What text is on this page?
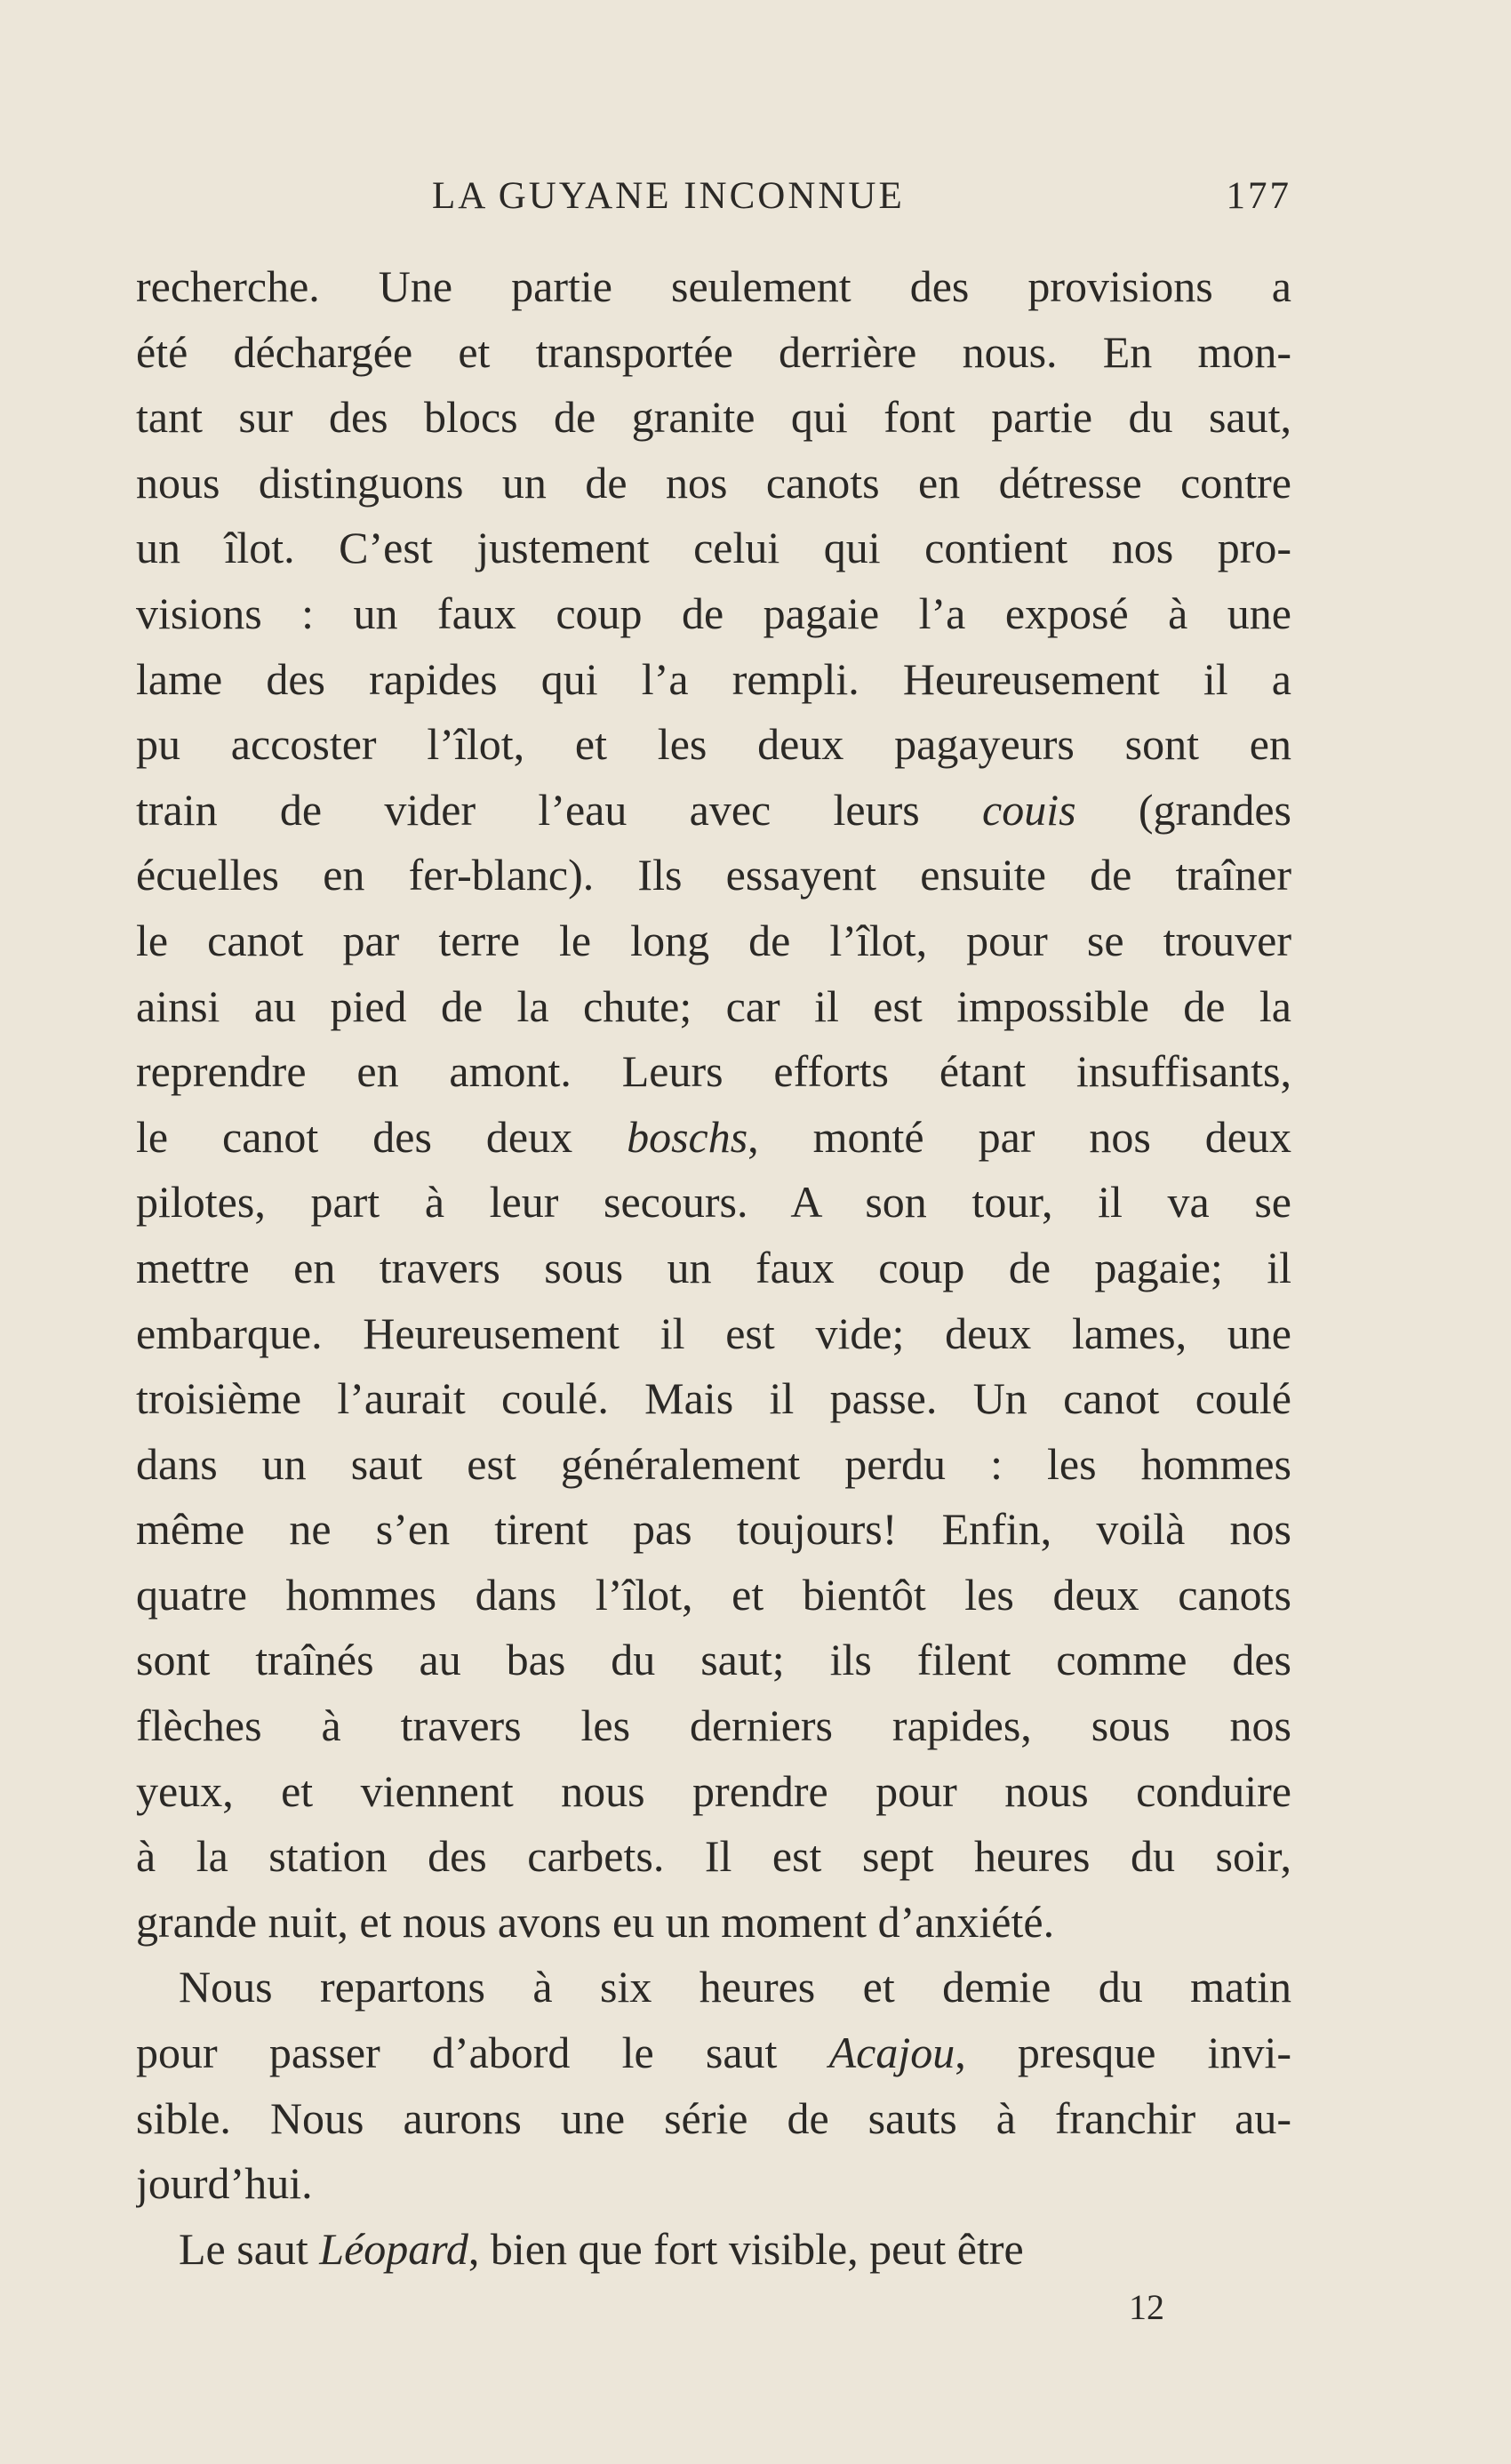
LA GUYANE INCONNUE	177
recherche. Une partie seulement des provisions a
été déchargée et transportée derrière nous. En mon-
tant sur des blocs de granite qui font partie du saut,
nous distinguons un de nos canots en détresse contre
un îlot. C’est justement celui qui contient nos pro-
visions : un faux coup de pagaie l’a exposé à une
lame des rapides qui l’a rempli. Heureusement il a
pu accoster l’îlot, et les deux pagayeurs sont en
train de vider l’eau avec leurs couis (grandes
écuelles en fer-blanc). Ils essayent ensuite de traîner
le canot par terre le long de l’îlot, pour se trouver
ainsi au pied de la chute; car il est impossible de la
reprendre en amont. Leurs efforts étant insuffisants,
le canot des deux boschs, monté par nos deux
pilotes, part à leur secours. A son tour, il va se
mettre en travers sous un faux coup de pagaie; il
embarque. Heureusement il est vide; deux lames, une
troisième l’aurait coulé. Mais il passe. Un canot coulé
dans un saut est généralement perdu : les hommes
même ne s’en tirent pas toujours! Enfin, voilà nos
quatre hommes dans l’îlot, et bientôt les deux canots
sont traînés au bas du saut; ils filent comme des
flèches à travers les derniers rapides, sous nos
yeux, et viennent nous prendre pour nous conduire
à la station des carbets. Il est sept heures du soir,
grande nuit, et nous avons eu un moment d’anxiété.
Nous repartons à six heures et demie du matin
pour passer d’abord le saut Acajou, presque invi-
sible. Nous aurons une série de sauts à franchir au-
jourd’hui.
Le saut Léopard, bien que fort visible, peut être
12
